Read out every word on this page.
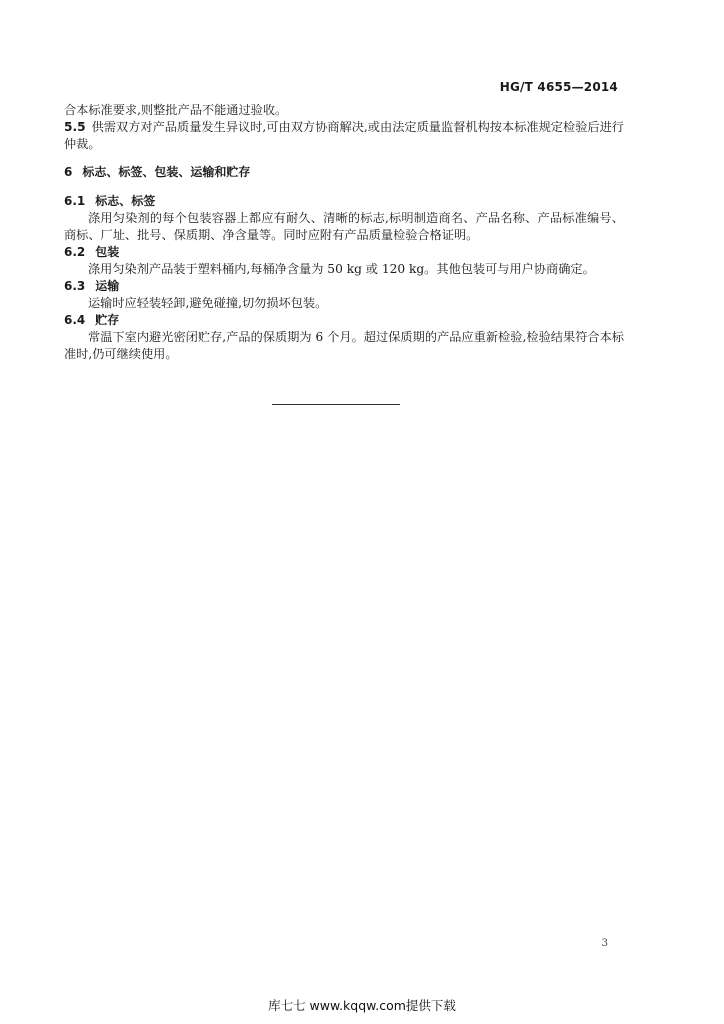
HG/T 4655—2014

合本标准要求,则整批产品不能通过验收。

5.5 供需双方对产品质量发生异议时,可由双方协商解决,或由法定质量监督机构按本标准规定检验后进行仲裁。

6 标志、标签、包装、运输和贮存

6.1 标志、标签

涤用匀染剂的每个包装容器上都应有耐久、清晰的标志,标明制造商名、产品名称、产品标准编号、商标、厂址、批号、保质期、净含量等。同时应附有产品质量检验合格证明。

6.2 包装

涤用匀染剂产品装于塑料桶内,每桶净含量为 50 kg 或 120 kg。其他包装可与用户协商确定。

6.3 运输

运输时应轻装轻卸,避免碰撞,切勿损坏包装。

6.4 贮存

常温下室内避光密闭贮存,产品的保质期为 6 个月。超过保质期的产品应重新检验,检验结果符合本标准时,仍可继续使用。

3
库七七 www.kqqw.com提供下载
